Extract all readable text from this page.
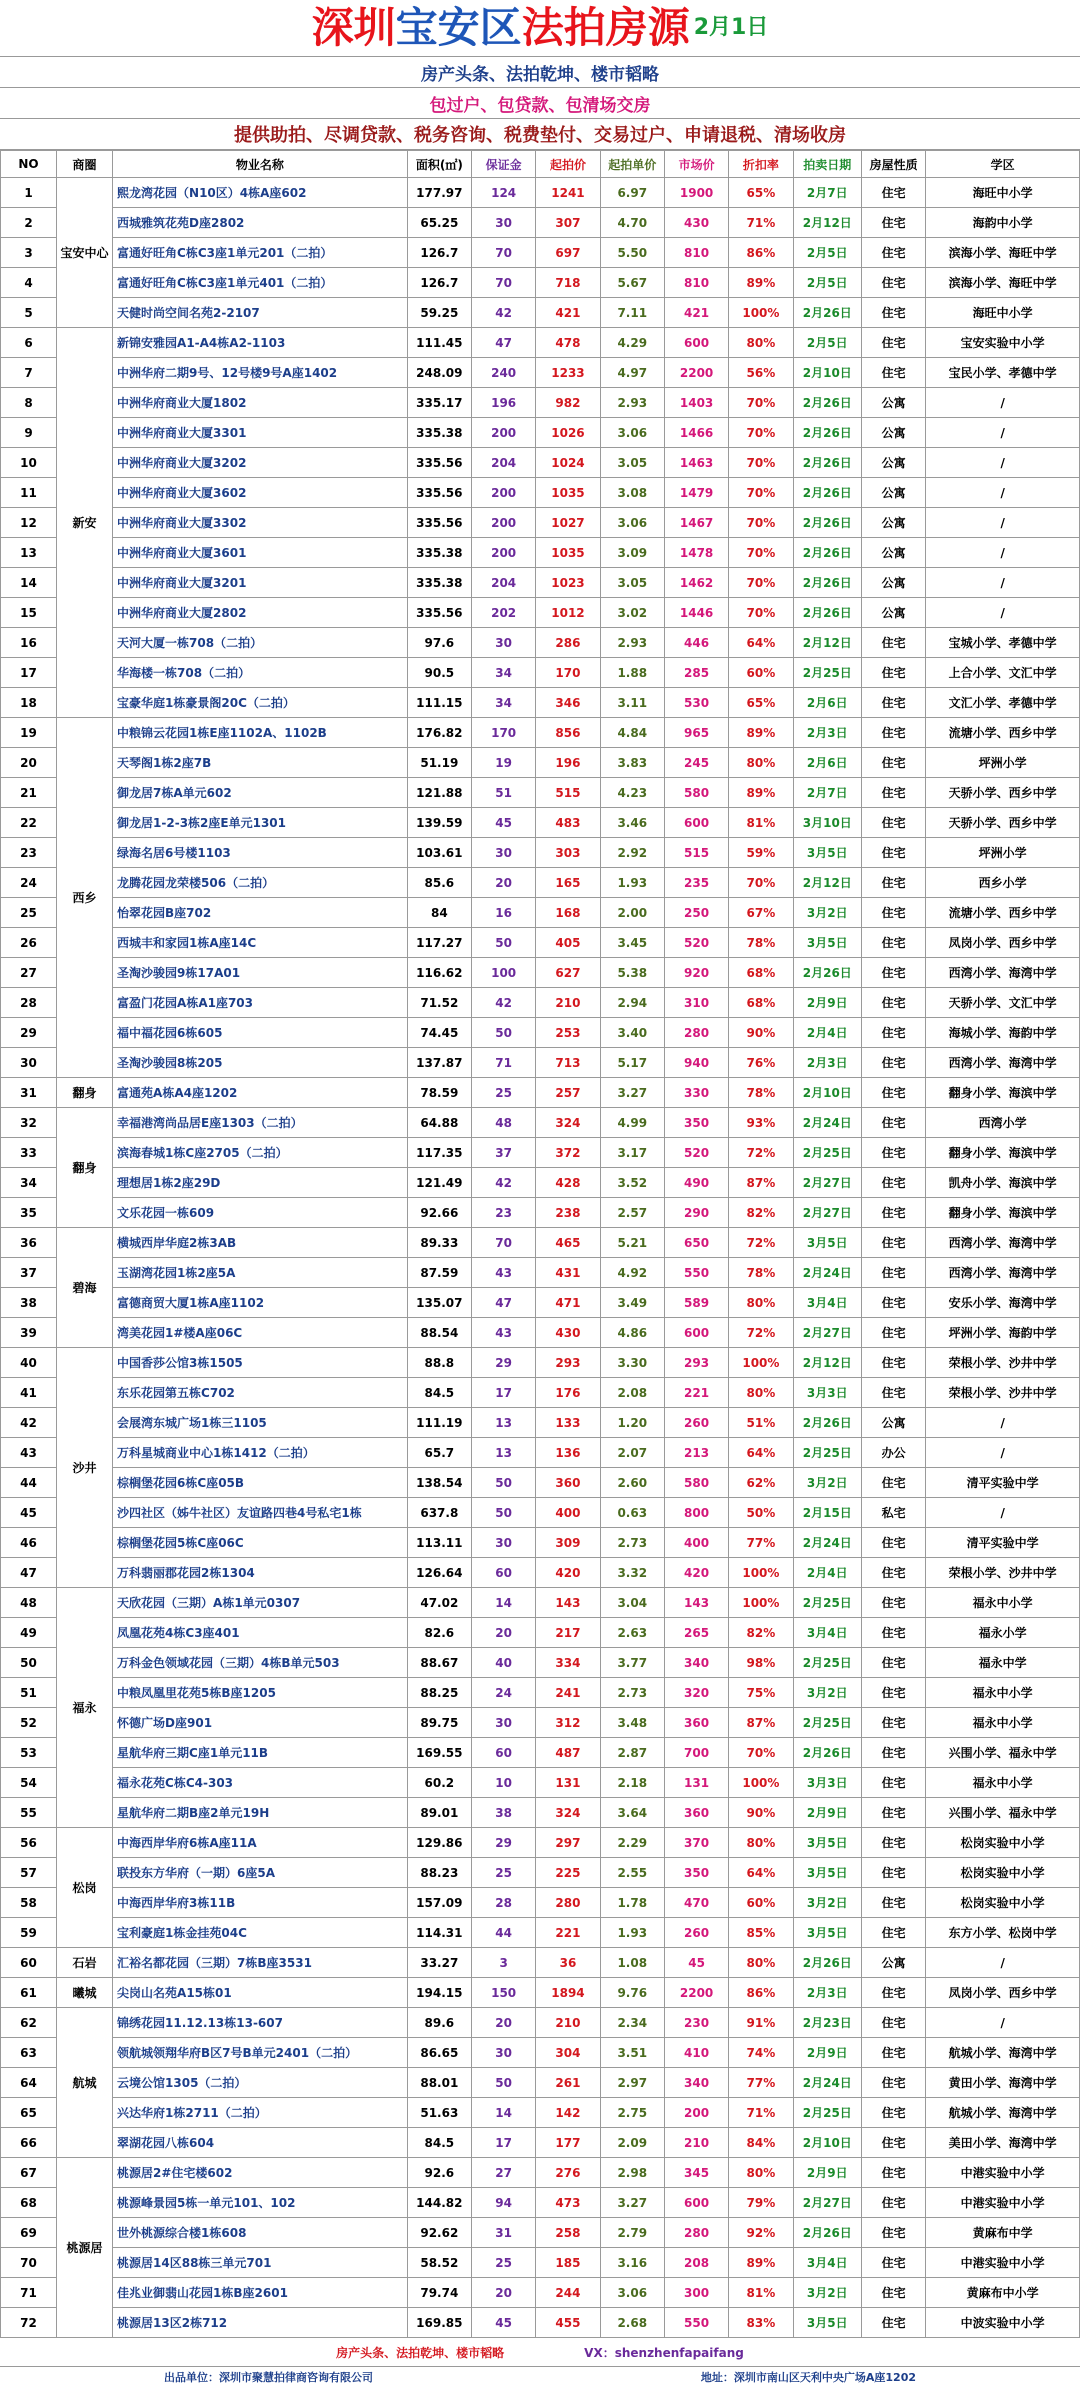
深圳 宝安区 法拍房源 2月1日
房产头条、法拍乾坤、楼市韬略
包过户、包贷款、包清场交房
提供助拍、尽调贷款、税务咨询、税费垫付、交易过户、申请退税、清场收房
NO	商圈	物业名称	面积(㎡)	保证金	起拍价	起拍单价	市场价	折扣率	拍卖日期	房屋性质	学区
1	宝安中心	熙龙湾花园（N10区）4栋A座602	177.97	124	1241	6.97	1900	65%	2月7日	住宅	海旺中小学
2		西城雅筑花苑D座2802	65.25	30	307	4.70	430	71%	2月12日	住宅	海韵中小学
3		富通好旺角C栋C3座1单元201（二拍）	126.7	70	697	5.50	810	86%	2月5日	住宅	滨海小学、海旺中学
4		富通好旺角C栋C3座1单元401（二拍）	126.7	70	718	5.67	810	89%	2月5日	住宅	滨海小学、海旺中学
5		天健时尚空间名苑2-2107	59.25	42	421	7.11	421	100%	2月26日	住宅	海旺中小学
6	新安	新锦安雅园A1-A4栋A2-1103	111.45	47	478	4.29	600	80%	2月5日	住宅	宝安实验中小学
7		中洲华府二期9号、12号楼9号A座1402	248.09	240	1233	4.97	2200	56%	2月10日	住宅	宝民小学、孝德中学
8		中洲华府商业大厦1802	335.17	196	982	2.93	1403	70%	2月26日	公寓	/
9		中洲华府商业大厦3301	335.38	200	1026	3.06	1466	70%	2月26日	公寓	/
10		中洲华府商业大厦3202	335.56	204	1024	3.05	1463	70%	2月26日	公寓	/
11		中洲华府商业大厦3602	335.56	200	1035	3.08	1479	70%	2月26日	公寓	/
12		中洲华府商业大厦3302	335.56	200	1027	3.06	1467	70%	2月26日	公寓	/
13		中洲华府商业大厦3601	335.38	200	1035	3.09	1478	70%	2月26日	公寓	/
14		中洲华府商业大厦3201	335.38	204	1023	3.05	1462	70%	2月26日	公寓	/
15		中洲华府商业大厦2802	335.56	202	1012	3.02	1446	70%	2月26日	公寓	/
16		天河大厦一栋708（二拍）	97.6	30	286	2.93	446	64%	2月12日	住宅	宝城小学、孝德中学
17		华海楼一栋708（二拍）	90.5	34	170	1.88	285	60%	2月25日	住宅	上合小学、文汇中学
18		宝豪华庭1栋豪景阁20C（二拍）	111.15	34	346	3.11	530	65%	2月6日	住宅	文汇小学、孝德中学
19	西乡	中粮锦云花园1栋E座1102A、1102B	176.82	170	856	4.84	965	89%	2月3日	住宅	流塘小学、西乡中学
20		天琴阁1栋2座7B	51.19	19	196	3.83	245	80%	2月6日	住宅	坪洲小学
21		御龙居7栋A单元602	121.88	51	515	4.23	580	89%	2月7日	住宅	天骄小学、西乡中学
22		御龙居1-2-3栋2座E单元1301	139.59	45	483	3.46	600	81%	3月10日	住宅	天骄小学、西乡中学
23		绿海名居6号楼1103	103.61	30	303	2.92	515	59%	3月5日	住宅	坪洲小学
24		龙腾花园龙荣楼506（二拍）	85.6	20	165	1.93	235	70%	2月12日	住宅	西乡小学
25		怡翠花园B座702	84	16	168	2.00	250	67%	3月2日	住宅	流塘小学、西乡中学
26		西城丰和家园1栋A座14C	117.27	50	405	3.45	520	78%	3月5日	住宅	凤岗小学、西乡中学
27		圣淘沙骏园9栋17A01	116.62	100	627	5.38	920	68%	2月26日	住宅	西湾小学、海湾中学
28		富盈门花园A栋A1座703	71.52	42	210	2.94	310	68%	2月9日	住宅	天骄小学、文汇中学
29		福中福花园6栋605	74.45	50	253	3.40	280	90%	2月4日	住宅	海城小学、海韵中学
30		圣淘沙骏园8栋205	137.87	71	713	5.17	940	76%	2月3日	住宅	西湾小学、海湾中学
31	翻身	富通苑A栋A4座1202	78.59	25	257	3.27	330	78%	2月10日	住宅	翻身小学、海滨中学
32	翻身	幸福港湾尚品居E座1303（二拍）	64.88	48	324	4.99	350	93%	2月24日	住宅	西湾小学
33		滨海春城1栋C座2705（二拍）	117.35	37	372	3.17	520	72%	2月25日	住宅	翻身小学、海滨中学
34		理想居1栋2座29D	121.49	42	428	3.52	490	87%	2月27日	住宅	凯舟小学、海滨中学
35		文乐花园一栋609	92.66	23	238	2.57	290	82%	2月27日	住宅	翻身小学、海滨中学
36	碧海	横城西岸华庭2栋3AB	89.33	70	465	5.21	650	72%	3月5日	住宅	西湾小学、海湾中学
37		玉湖湾花园1栋2座5A	87.59	43	431	4.92	550	78%	2月24日	住宅	西湾小学、海湾中学
38		富德商贸大厦1栋A座1102	135.07	47	471	3.49	589	80%	3月4日	住宅	安乐小学、海湾中学
39		湾美花园1#楼A座06C	88.54	43	430	4.86	600	72%	2月27日	住宅	坪洲小学、海韵中学
40	沙井	中国香莎公馆3栋1505	88.8	29	293	3.30	293	100%	2月12日	住宅	荣根小学、沙井中学
41		东乐花园第五栋C702	84.5	17	176	2.08	221	80%	3月3日	住宅	荣根小学、沙井中学
42		会展湾东城广场1栋三1105	111.19	13	133	1.20	260	51%	2月26日	公寓	/
43		万科星城商业中心1栋1412（二拍）	65.7	13	136	2.07	213	64%	2月25日	办公	/
44		棕榈堡花园6栋C座05B	138.54	50	360	2.60	580	62%	3月2日	住宅	清平实验中学
45		沙四社区（姊牛社区）友谊路四巷4号私宅1栋	637.8	50	400	0.63	800	50%	2月15日	私宅	/
46		棕榈堡花园5栋C座06C	113.11	30	309	2.73	400	77%	2月24日	住宅	清平实验中学
47		万科翡丽郡花园2栋1304	126.64	60	420	3.32	420	100%	2月4日	住宅	荣根小学、沙井中学
48	福永	天欣花园（三期）A栋1单元0307	47.02	14	143	3.04	143	100%	2月25日	住宅	福永中小学
49		凤凰花苑4栋C3座401	82.6	20	217	2.63	265	82%	3月4日	住宅	福永小学
50		万科金色领域花园（三期）4栋B单元503	88.67	40	334	3.77	340	98%	2月25日	住宅	福永中学
51		中粮凤凰里花苑5栋B座1205	88.25	24	241	2.73	320	75%	3月2日	住宅	福永中小学
52		怀德广场D座901	89.75	30	312	3.48	360	87%	2月25日	住宅	福永中小学
53		星航华府三期C座1单元11B	169.55	60	487	2.87	700	70%	2月26日	住宅	兴围小学、福永中学
54		福永花苑C栋C4-303	60.2	10	131	2.18	131	100%	3月3日	住宅	福永中小学
55		星航华府二期B座2单元19H	89.01	38	324	3.64	360	90%	2月9日	住宅	兴围小学、福永中学
56	松岗	中海西岸华府6栋A座11A	129.86	29	297	2.29	370	80%	3月5日	住宅	松岗实验中小学
57		联投东方华府（一期）6座5A	88.23	25	225	2.55	350	64%	3月5日	住宅	松岗实验中小学
58		中海西岸华府3栋11B	157.09	28	280	1.78	470	60%	3月2日	住宅	松岗实验中小学
59		宝利豪庭1栋金挂苑04C	114.31	44	221	1.93	260	85%	3月5日	住宅	东方小学、松岗中学
60	石岩	汇裕名都花园（三期）7栋B座3531	33.27	3	36	1.08	45	80%	2月26日	公寓	/
61	曦城	尖岗山名苑A15栋01	194.15	150	1894	9.76	2200	86%	2月3日	住宅	凤岗小学、西乡中学
62	航城	锦绣花园11.12.13栋13-607	89.6	20	210	2.34	230	91%	2月23日	住宅	/
63		领航城领翔华府B区7号B单元2401（二拍）	86.65	30	304	3.51	410	74%	2月9日	住宅	航城小学、海湾中学
64		云境公馆1305（二拍）	88.01	50	261	2.97	340	77%	2月24日	住宅	黄田小学、海湾中学
65		兴达华府1栋2711（二拍）	51.63	14	142	2.75	200	71%	2月25日	住宅	航城小学、海湾中学
66		翠湖花园八栋604	84.5	17	177	2.09	210	84%	2月10日	住宅	美田小学、海湾中学
67	桃源居	桃源居2#住宅楼602	92.6	27	276	2.98	345	80%	2月9日	住宅	中港实验中小学
68		桃源峰景园5栋一单元101、102	144.82	94	473	3.27	600	79%	2月27日	住宅	中港实验中小学
69		世外桃源综合楼1栋608	92.62	31	258	2.79	280	92%	2月26日	住宅	黄麻布中学
70		桃源居14区88栋三单元701	58.52	25	185	3.16	208	89%	3月4日	住宅	中港实验中小学
71		佳兆业御翡山花园1栋B座2601	79.74	20	244	3.06	300	81%	3月2日	住宅	黄麻布中小学
72		桃源居13区2栋712	169.85	45	455	2.68	550	83%	3月5日	住宅	中波实验中小学
房产头条、法拍乾坤、楼市韬略	VX：shenzhenfapaifang
出品单位：深圳市聚慧拍律商咨询有限公司	地址：深圳市南山区天利中央广场A座1202
